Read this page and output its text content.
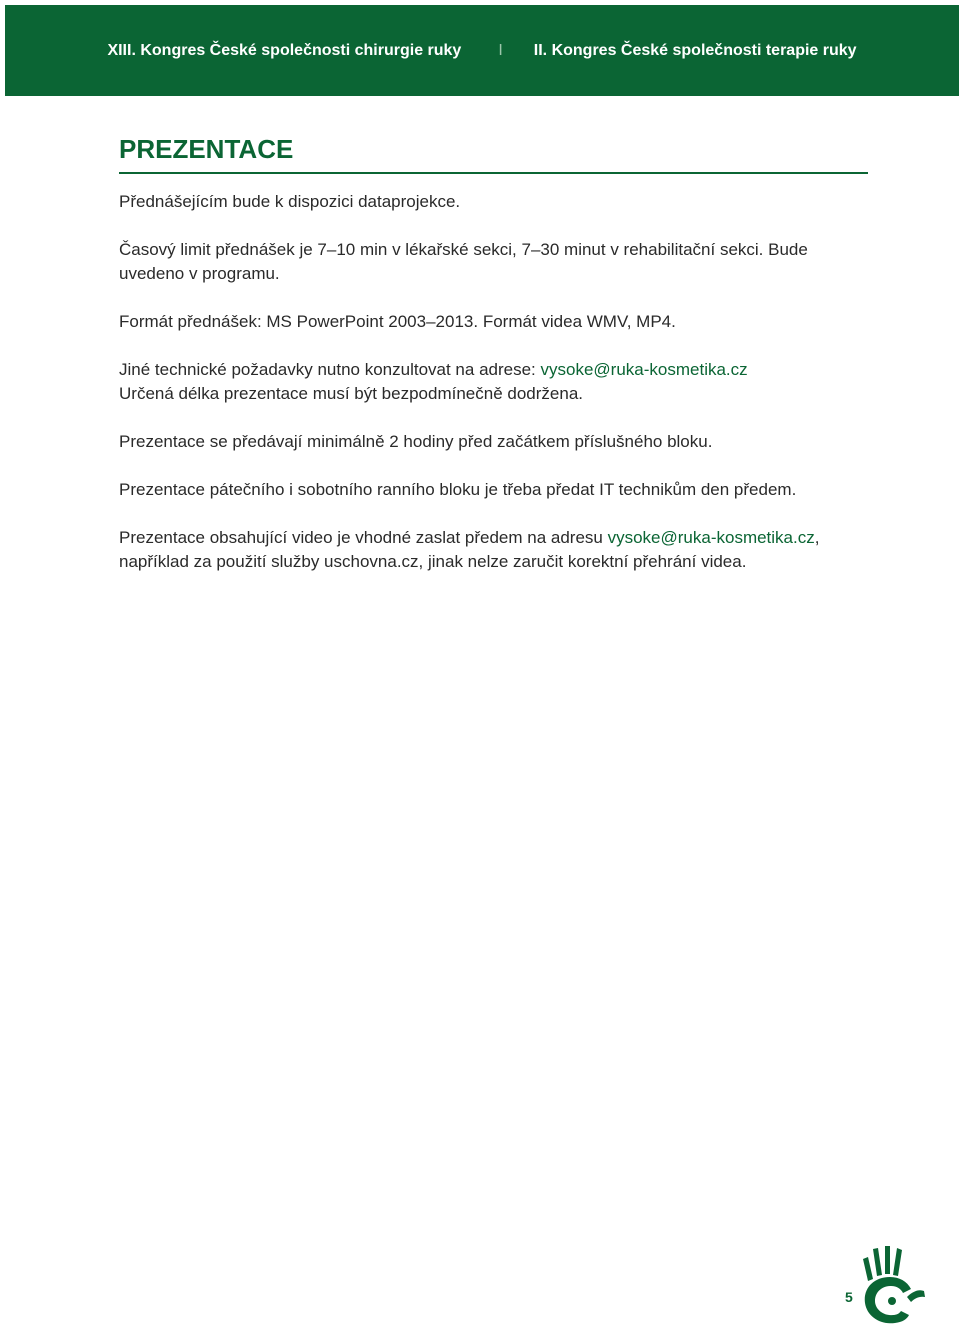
XIII. Kongres České společnosti chirurgie ruky I II. Kongres České společnosti terapie ruky
PREZENTACE

Přednášejícím bude k dispozici dataprojekce.

Časový limit přednášek je 7–10 min v lékařské sekci, 7–30 minut v rehabilitační sekci. Bude uvedeno v programu.

Formát přednášek: MS PowerPoint 2003–2013. Formát videa WMV, MP4.

Jiné technické požadavky nutno konzultovat na adrese: vysoke@ruka-kosmetika.cz
Určená délka prezentace musí být bezpodmínečně dodržena.

Prezentace se předávají minimálně 2 hodiny před začátkem příslušného bloku.

Prezentace pátečního i sobotního ranního bloku je třeba předat IT technikům den předem.

Prezentace obsahující video je vhodné zaslat předem na adresu vysoke@ruka-kosmetika.cz, například za použití služby uschovna.cz, jinak nelze zaručit korektní přehrání videa.

5
